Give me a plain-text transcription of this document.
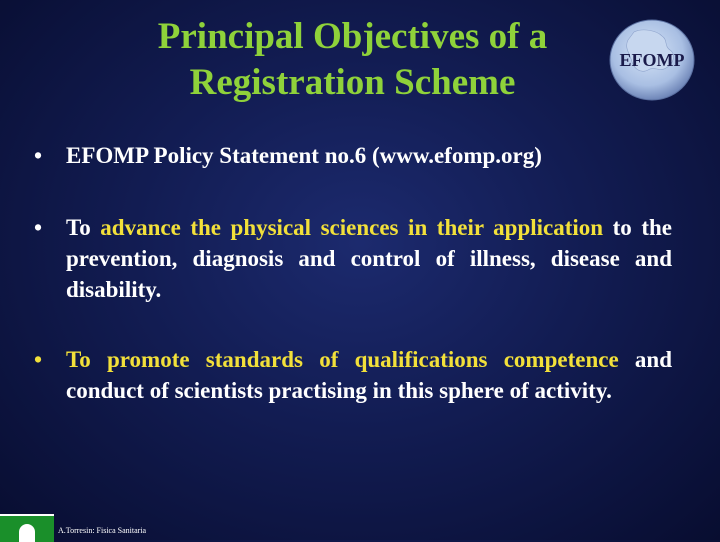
Principal Objectives of a
Registration Scheme
EFOMP
• EFOMP Policy Statement no.6 (www.efomp.org)
• To advance the physical sciences in their application to the prevention, diagnosis and control of illness, disease and disability.
• To promote standards of qualifications competence and conduct of scientists practising in this sphere of activity.
A.Torresin: Fisica Sanitaria
